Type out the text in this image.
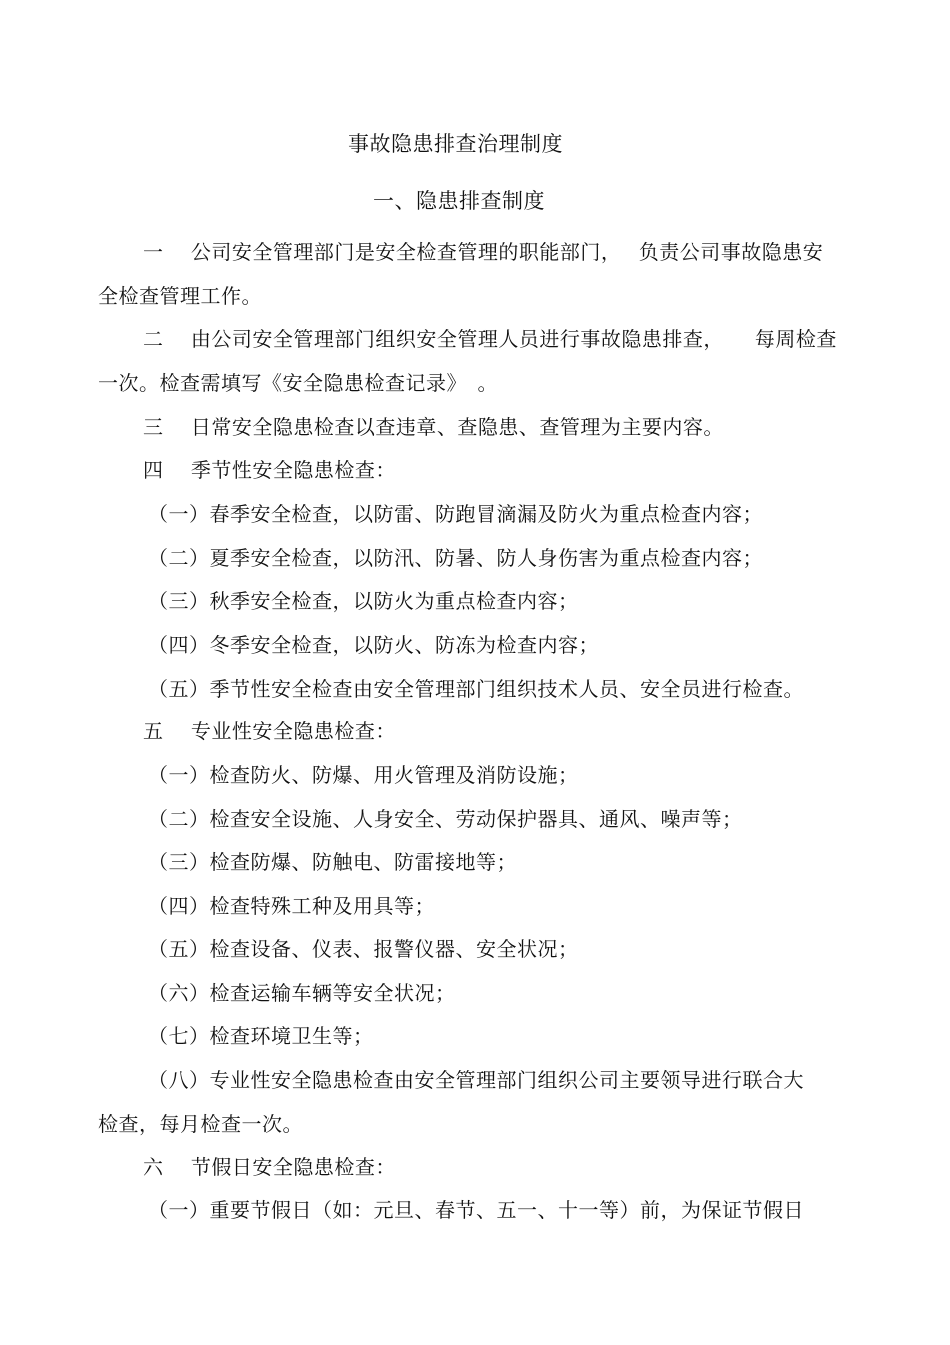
事故隐患排查治理制度
一、隐患排查制度
一　 公司安全管理部门是安全检查管理的职能部门，　 负责公司事故隐患安
全检查管理工作。
二　 由公司安全管理部门组织安全管理人员进行事故隐患排查，　　每周检查
一次。检查需填写《安全隐患检查记录》　。
三　 日常安全隐患检查以查违章、查隐患、查管理为主要内容。
四　 季节性安全隐患检查：
（一）春季安全检查，以防雷、防跑冒滴漏及防火为重点检查内容；
（二）夏季安全检查，以防汛、防暑、防人身伤害为重点检查内容；
（三）秋季安全检查，以防火为重点检查内容；
（四）冬季安全检查，以防火、防冻为检查内容；
（五）季节性安全检查由安全管理部门组织技术人员、安全员进行检查。
五　 专业性安全隐患检查：
（一）检查防火、防爆、用火管理及消防设施；
（二）检查安全设施、人身安全、劳动保护器具、通风、噪声等；
（三）检查防爆、防触电、防雷接地等；
（四）检查特殊工种及用具等；
（五）检查设备、仪表、报警仪器、安全状况；
（六）检查运输车辆等安全状况；
（七）检查环境卫生等；
（八）专业性安全隐患检查由安全管理部门组织公司主要领导进行联合大
检查，每月检查一次。
六　 节假日安全隐患检查：
（一）重要节假日（如：元旦、春节、五一、十一等）前，为保证节假日
